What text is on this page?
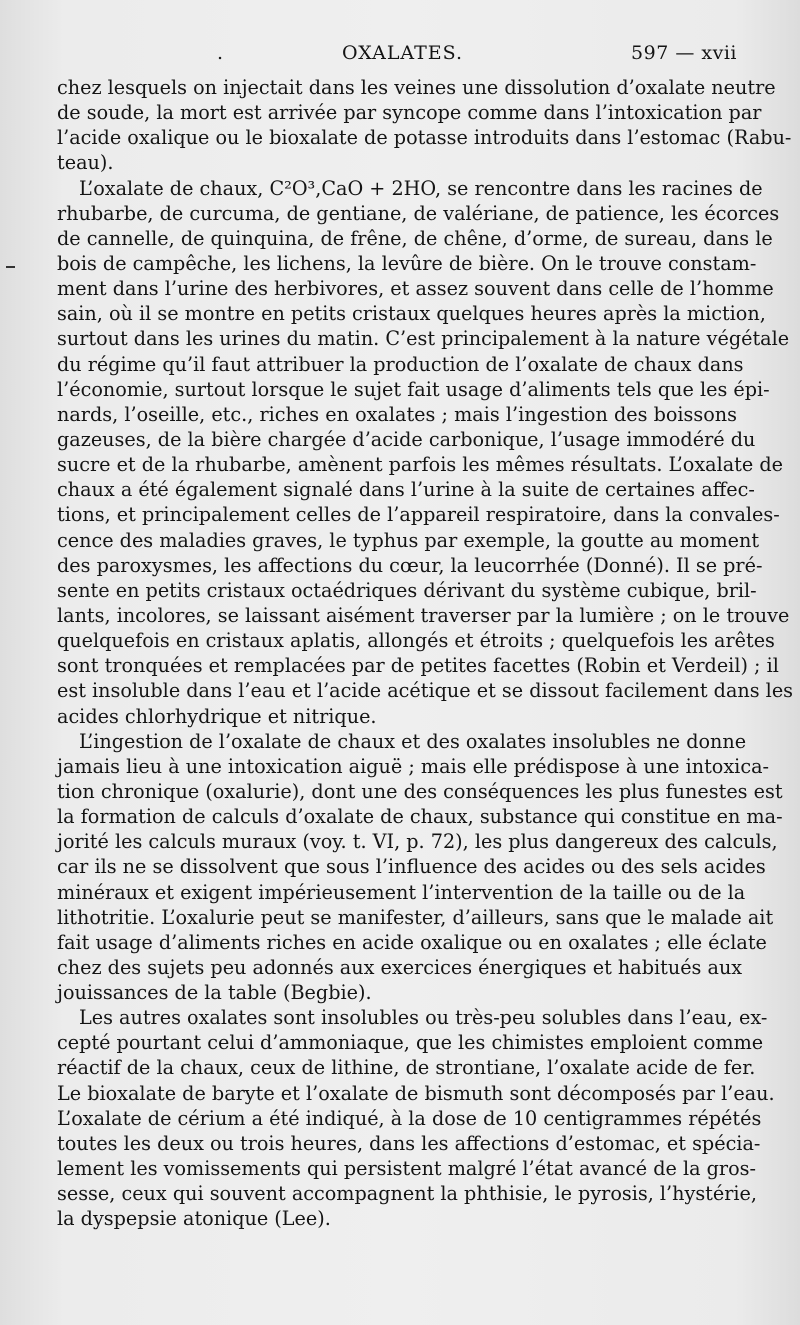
.	OXALATES.	597 — xvii
chez lesquels on injectait dans les veines une dissolution d’oxalate neutre
de soude, la mort est arrivée par syncope comme dans l’intoxication par
l’acide oxalique ou le bioxalate de potasse introduits dans l’estomac (Rabu-
teau).
L’oxalate de chaux, C²O³,CaO + 2HO, se rencontre dans les racines de
rhubarbe, de curcuma, de gentiane, de valériane, de patience, les écorces
de cannelle, de quinquina, de frêne, de chêne, d’orme, de sureau, dans le
bois de campêche, les lichens, la levûre de bière. On le trouve constam-
ment dans l’urine des herbivores, et assez souvent dans celle de l’homme
sain, où il se montre en petits cristaux quelques heures après la miction,
surtout dans les urines du matin. C’est principalement à la nature végétale
du régime qu’il faut attribuer la production de l’oxalate de chaux dans
l’économie, surtout lorsque le sujet fait usage d’aliments tels que les épi-
nards, l’oseille, etc., riches en oxalates ; mais l’ingestion des boissons
gazeuses, de la bière chargée d’acide carbonique, l’usage immodéré du
sucre et de la rhubarbe, amènent parfois les mêmes résultats. L’oxalate de
chaux a été également signalé dans l’urine à la suite de certaines affec-
tions, et principalement celles de l’appareil respiratoire, dans la convales-
cence des maladies graves, le typhus par exemple, la goutte au moment
des paroxysmes, les affections du cœur, la leucorrhée (Donné). Il se pré-
sente en petits cristaux octaédriques dérivant du système cubique, bril-
lants, incolores, se laissant aisément traverser par la lumière ; on le trouve
quelquefois en cristaux aplatis, allongés et étroits ; quelquefois les arêtes
sont tronquées et remplacées par de petites facettes (Robin et Verdeil) ; il
est insoluble dans l’eau et l’acide acétique et se dissout facilement dans les
acides chlorhydrique et nitrique.
L’ingestion de l’oxalate de chaux et des oxalates insolubles ne donne
jamais lieu à une intoxication aiguë ; mais elle prédispose à une intoxica-
tion chronique (oxalurie), dont une des conséquences les plus funestes est
la formation de calculs d’oxalate de chaux, substance qui constitue en ma-
jorité les calculs muraux (voy. t. VI, p. 72), les plus dangereux des calculs,
car ils ne se dissolvent que sous l’influence des acides ou des sels acides
minéraux et exigent impérieusement l’intervention de la taille ou de la
lithotritie. L’oxalurie peut se manifester, d’ailleurs, sans que le malade ait
fait usage d’aliments riches en acide oxalique ou en oxalates ; elle éclate
chez des sujets peu adonnés aux exercices énergiques et habitués aux
jouissances de la table (Begbie).
Les autres oxalates sont insolubles ou très-peu solubles dans l’eau, ex-
cepté pourtant celui d’ammoniaque, que les chimistes emploient comme
réactif de la chaux, ceux de lithine, de strontiane, l’oxalate acide de fer.
Le bioxalate de baryte et l’oxalate de bismuth sont décomposés par l’eau.
L’oxalate de cérium a été indiqué, à la dose de 10 centigrammes répétés
toutes les deux ou trois heures, dans les affections d’estomac, et spécia-
lement les vomissements qui persistent malgré l’état avancé de la gros-
sesse, ceux qui souvent accompagnent la phthisie, le pyrosis, l’hystérie,
la dyspepsie atonique (Lee).
